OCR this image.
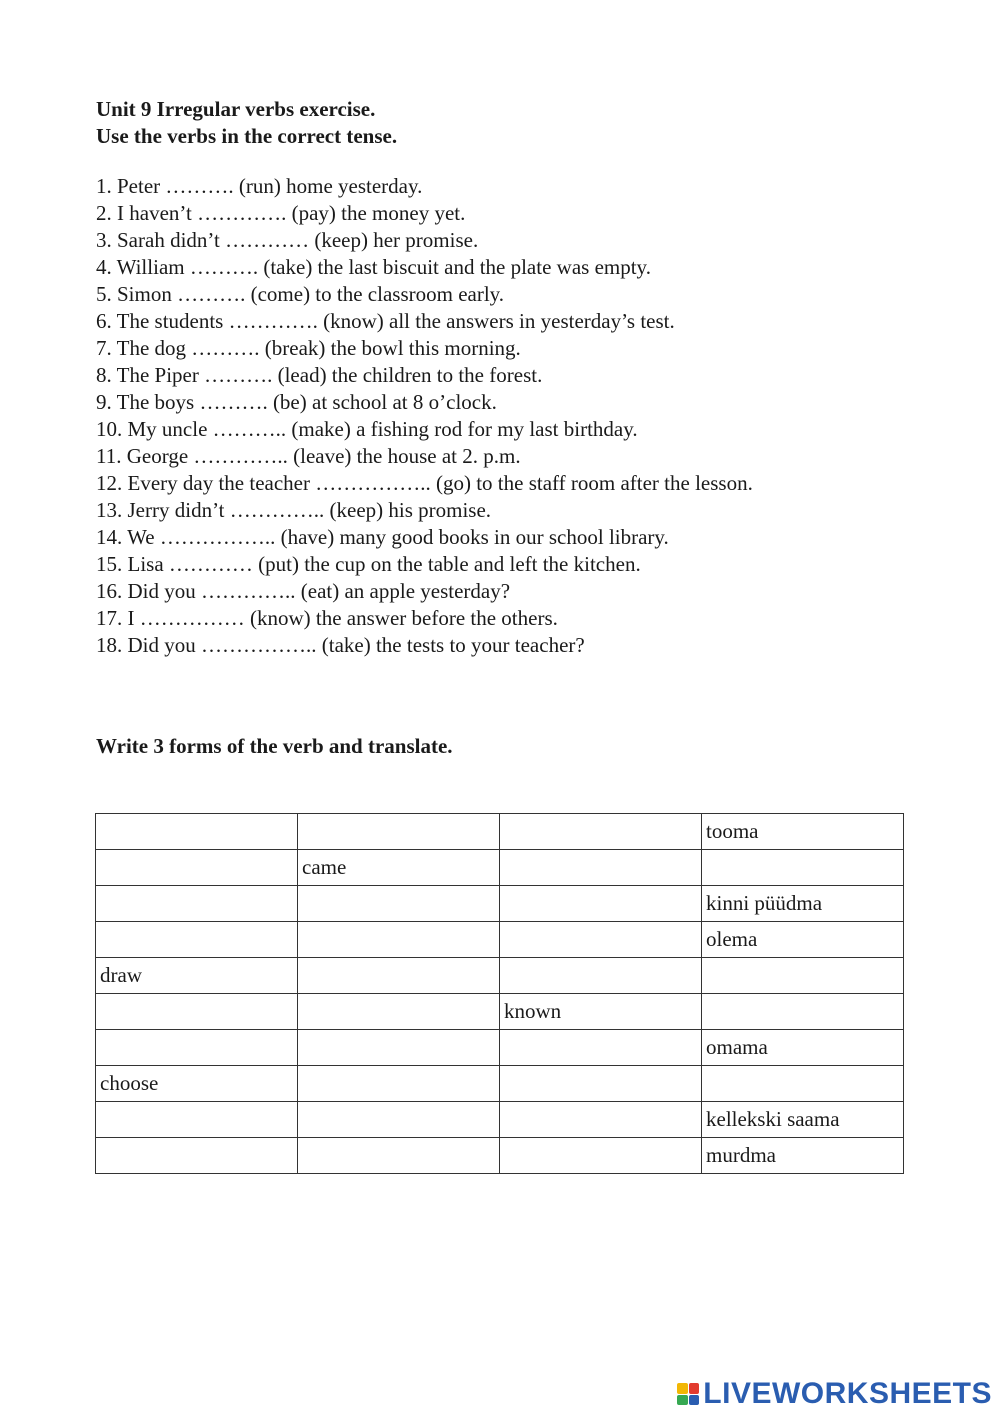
Unit 9 Irregular verbs exercise.
Use the verbs in the correct tense.
1. Peter ………. (run) home yesterday.
2. I haven’t …………. (pay) the money yet.
3. Sarah didn’t ………… (keep) her promise.
4. William ………. (take) the last biscuit and the plate was empty.
5. Simon ………. (come) to the classroom early.
6. The students …………. (know) all the answers in yesterday’s test.
7. The dog ………. (break) the bowl this morning.
8. The Piper ………. (lead) the children to the forest.
9. The boys ………. (be) at school at 8 o’clock.
10. My uncle ……….. (make) a fishing rod for my last birthday.
11. George ………….. (leave) the house at 2. p.m.
12. Every day the teacher …………….. (go) to the staff room after the lesson.
13. Jerry didn’t ………….. (keep) his promise.
14. We …………….. (have) many good books in our school library.
15. Lisa ………… (put) the cup on the table and left the kitchen.
16. Did you ………….. (eat) an apple yesterday?
17. I …………… (know) the answer before the others.
18. Did you …………….. (take) the tests to your teacher?
Write 3 forms of the verb and translate.
			tooma
	came		
			kinni püüdma
			olema
draw			
		known	
			omama
choose			
			kellekski saama
			murdma
LIVEWORKSHEETS
